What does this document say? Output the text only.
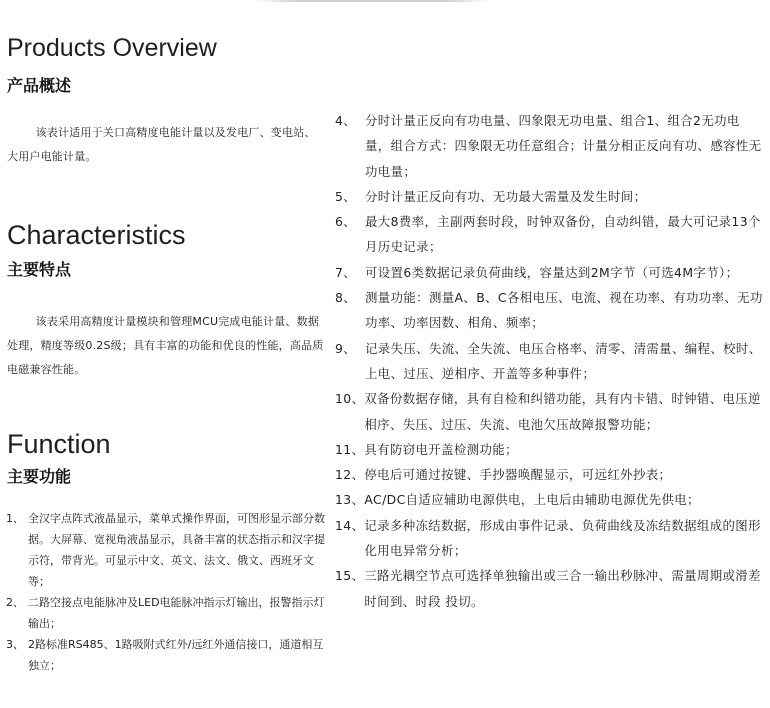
Products Overview
产品概述
该表计适用于关口高精度电能计量以及发电厂、变电站、大用户电能计量。
Characteristics
主要特点
该表采用高精度计量模块和管理MCU完成电能计量、数据处理，精度等级0.2S级；具有丰富的功能和优良的性能，高品质电磁兼容性能。
Function
主要功能
1、 全汉字点阵式液晶显示，菜单式操作界面，可图形显示部分数据。大屏幕、宽视角液晶显示，具备丰富的状态指示和汉字提示符，带背光。可显示中文、英文、法文、俄文、西班牙文等；
2、 二路空接点电能脉冲及LED电能脉冲指示灯输出，报警指示灯输出；
3、 2路标准RS485、1路吸附式红外/远红外通信接口，通道相互独立；
4、 分时计量正反向有功电量、四象限无功电量、组合1、组合2无功电量，组合方式：四象限无功任意组合；计量分相正反向有功、感容性无功电量；
5、 分时计量正反向有功、无功最大需量及发生时间；
6、 最大8费率，主副两套时段，时钟双备份，自动纠错，最大可记录13个月历史记录；
7、 可设置6类数据记录负荷曲线，容量达到2M字节（可选4M字节）；
8、 测量功能：测量A、B、C各相电压、电流、视在功率、有功功率、无功功率、功率因数、相角、频率；
9、 记录失压、失流、全失流、电压合格率、清零、清需量、编程、校时、上电、过压、逆相序、开盖等多种事件；
10、 双备份数据存储，具有自检和纠错功能，具有内卡错、时钟错、电压逆相序、失压、过压、失流、电池欠压故障报警功能；
11、 具有防窃电开盖检测功能；
12、 停电后可通过按键、手抄器唤醒显示，可远红外抄表；
13、 AC/DC自适应辅助电源供电，上电后由辅助电源优先供电；
14、 记录多种冻结数据，形成由事件记录、负荷曲线及冻结数据组成的图形化用电异常分析；
15、 三路光耦空节点可选择单独输出或三合一输出秒脉冲、需量周期或滑差时间到、时段 投切。
